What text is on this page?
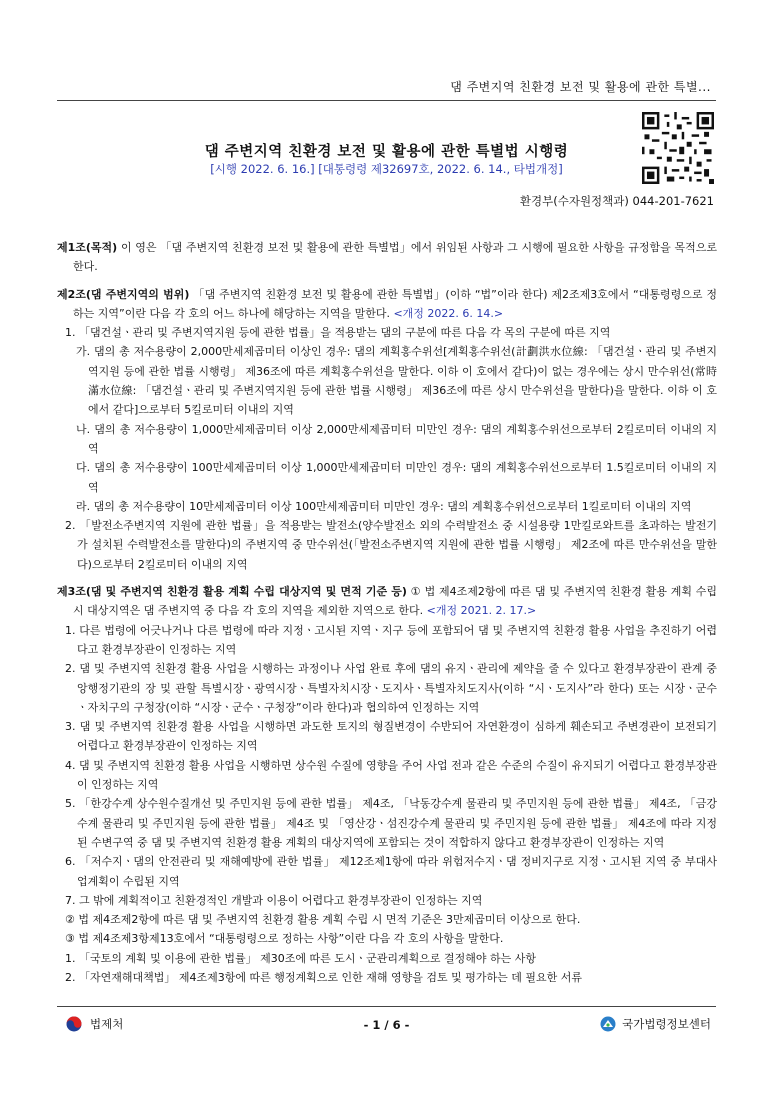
댐 주변지역 친환경 보전 및 활용에 관한 특별...
댐 주변지역 친환경 보전 및 활용에 관한 특별법 시행령
[시행 2022. 6. 16.] [대통령령 제32697호, 2022. 6. 14., 타법개정]
환경부(수자원정책과) 044-201-7621

제1조(목적) 이 영은 「댐 주변지역 친환경 보전 및 활용에 관한 특별법」에서 위임된 사항과 그 시행에 필요한 사항을 규정함을 목적으로 한다.

제2조(댐 주변지역의 범위) 「댐 주변지역 친환경 보전 및 활용에 관한 특별법」(이하 “법”이라 한다) 제2조제3호에서 “대통령령으로 정하는 지역”이란 다음 각 호의 어느 하나에 해당하는 지역을 말한다. <개정 2022. 6. 14.>

1. 「댐건설ㆍ관리 및 주변지역지원 등에 관한 법률」을 적용받는 댐의 구분에 따른 다음 각 목의 구분에 따른 지역

가. 댐의 총 저수용량이 2,000만세제곱미터 이상인 경우: 댐의 계획홍수위선[계획홍수위선(計劃洪水位線: 「댐건설ㆍ관리 및 주변지역지원 등에 관한 법률 시행령」 제36조에 따른 계획홍수위선을 말한다. 이하 이 호에서 같다)이 없는 경우에는 상시 만수위선(常時 滿水位線: 「댐건설ㆍ관리 및 주변지역지원 등에 관한 법률 시행령」 제36조에 따른 상시 만수위선을 말한다)을 말한다. 이하 이 호에서 같다]으로부터 5킬로미터 이내의 지역

나. 댐의 총 저수용량이 1,000만세제곱미터 이상 2,000만세제곱미터 미만인 경우: 댐의 계획홍수위선으로부터 2킬로미터 이내의 지역

다. 댐의 총 저수용량이 100만세제곱미터 이상 1,000만세제곱미터 미만인 경우: 댐의 계획홍수위선으로부터 1.5킬로미터 이내의 지역

라. 댐의 총 저수용량이 10만세제곱미터 이상 100만세제곱미터 미만인 경우: 댐의 계획홍수위선으로부터 1킬로미터 이내의 지역

2. 「발전소주변지역 지원에 관한 법률」을 적용받는 발전소(양수발전소 외의 수력발전소 중 시설용량 1만킬로와트를 초과하는 발전기가 설치된 수력발전소를 말한다)의 주변지역 중 만수위선(「발전소주변지역 지원에 관한 법률 시행령」 제2조에 따른 만수위선을 말한다)으로부터 2킬로미터 이내의 지역

제3조(댐 및 주변지역 친환경 활용 계획 수립 대상지역 및 면적 기준 등) ① 법 제4조제2항에 따른 댐 및 주변지역 친환경 활용 계획 수립 시 대상지역은 댐 주변지역 중 다음 각 호의 지역을 제외한 지역으로 한다. <개정 2021. 2. 17.>

1. 다른 법령에 어긋나거나 다른 법령에 따라 지정ㆍ고시된 지역ㆍ지구 등에 포함되어 댐 및 주변지역 친환경 활용 사업을 추진하기 어렵다고 환경부장관이 인정하는 지역

2. 댐 및 주변지역 친환경 활용 사업을 시행하는 과정이나 사업 완료 후에 댐의 유지ㆍ관리에 제약을 줄 수 있다고 환경부장관이 관계 중앙행정기관의 장 및 관할 특별시장ㆍ광역시장ㆍ특별자치시장ㆍ도지사ㆍ특별자치도지사(이하 “시ㆍ도지사”라 한다) 또는 시장ㆍ군수ㆍ자치구의 구청장(이하 “시장ㆍ군수ㆍ구청장”이라 한다)과 협의하여 인정하는 지역

3. 댐 및 주변지역 친환경 활용 사업을 시행하면 과도한 토지의 형질변경이 수반되어 자연환경이 심하게 훼손되고 주변경관이 보전되기 어렵다고 환경부장관이 인정하는 지역

4. 댐 및 주변지역 친환경 활용 사업을 시행하면 상수원 수질에 영향을 주어 사업 전과 같은 수준의 수질이 유지되기 어렵다고 환경부장관이 인정하는 지역

5. 「한강수계 상수원수질개선 및 주민지원 등에 관한 법률」 제4조, 「낙동강수계 물관리 및 주민지원 등에 관한 법률」 제4조, 「금강수계 물관리 및 주민지원 등에 관한 법률」 제4조 및 「영산강ㆍ섬진강수계 물관리 및 주민지원 등에 관한 법률」 제4조에 따라 지정된 수변구역 중 댐 및 주변지역 친환경 활용 계획의 대상지역에 포함되는 것이 적합하지 않다고 환경부장관이 인정하는 지역

6. 「저수지ㆍ댐의 안전관리 및 재해예방에 관한 법률」 제12조제1항에 따라 위험저수지ㆍ댐 정비지구로 지정ㆍ고시된 지역 중 부대사업계획이 수립된 지역

7. 그 밖에 계획적이고 친환경적인 개발과 이용이 어렵다고 환경부장관이 인정하는 지역

② 법 제4조제2항에 따른 댐 및 주변지역 친환경 활용 계획 수립 시 면적 기준은 3만제곱미터 이상으로 한다.

③ 법 제4조제3항제13호에서 “대통령령으로 정하는 사항”이란 다음 각 호의 사항을 말한다.

1. 「국토의 계획 및 이용에 관한 법률」 제30조에 따른 도시ㆍ군관리계획으로 결정해야 하는 사항

2. 「자연재해대책법」 제4조제3항에 따른 행정계획으로 인한 재해 영향을 검토 및 평가하는 데 필요한 서류

법제처	- 1 / 6 -	국가법령정보센터
